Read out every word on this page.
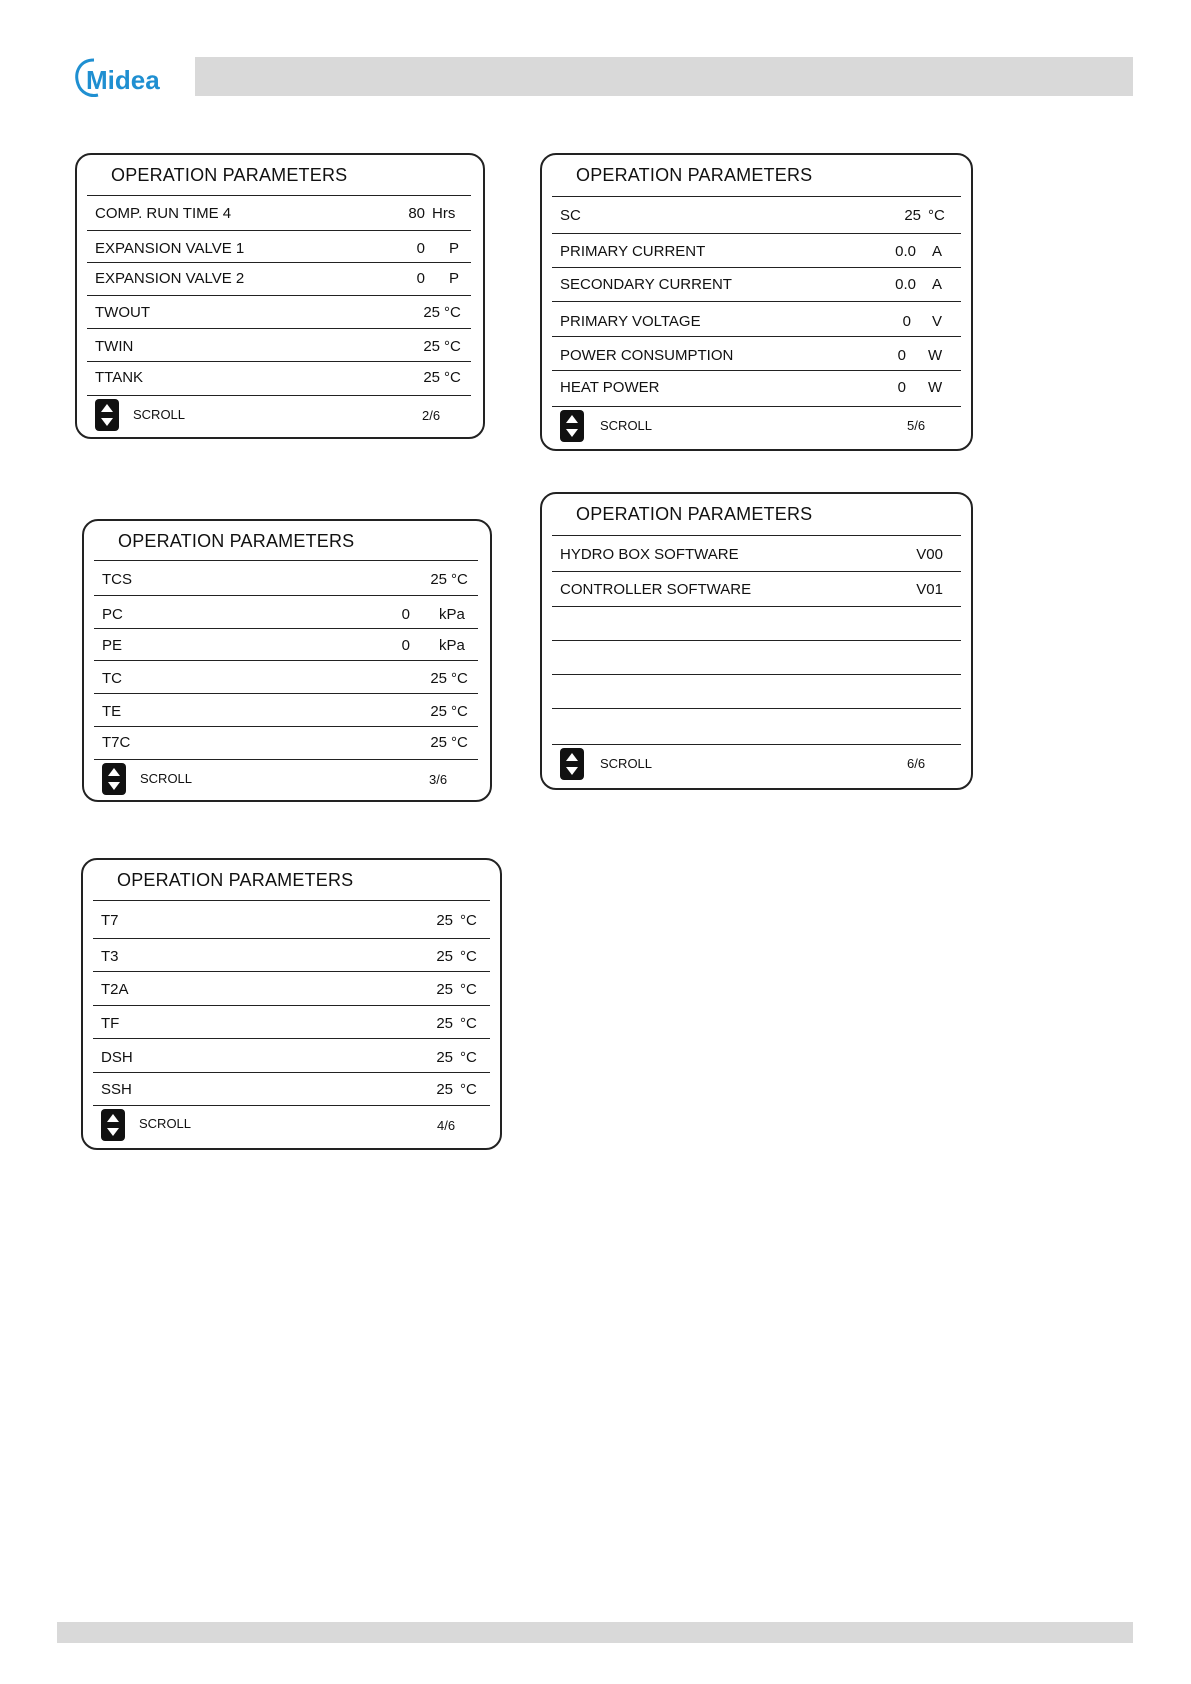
Midea
OPERATION PARAMETERS
COMP. RUN TIME 4	80 Hrs
EXPANSION VALVE 1	0 P
EXPANSION VALVE 2	0 P
TWOUT	25 °C
TWIN	25 °C
TTANK	25 °C
SCROLL	2/6
OPERATION PARAMETERS
TCS	25 °C
PC	0 kPa
PE	0 kPa
TC	25 °C
TE	25 °C
T7C	25 °C
SCROLL	3/6
OPERATION PARAMETERS
T7	25 °C
T3	25 °C
T2A	25 °C
TF	25 °C
DSH	25 °C
SSH	25 °C
SCROLL	4/6
OPERATION PARAMETERS
SC	25 °C
PRIMARY CURRENT	0.0 A
SECONDARY CURRENT	0.0 A
PRIMARY VOLTAGE	0 V
POWER CONSUMPTION	0 W
HEAT POWER	0 W
SCROLL	5/6
OPERATION PARAMETERS
HYDRO BOX SOFTWARE	V00
CONTROLLER SOFTWARE	V01
SCROLL	6/6
